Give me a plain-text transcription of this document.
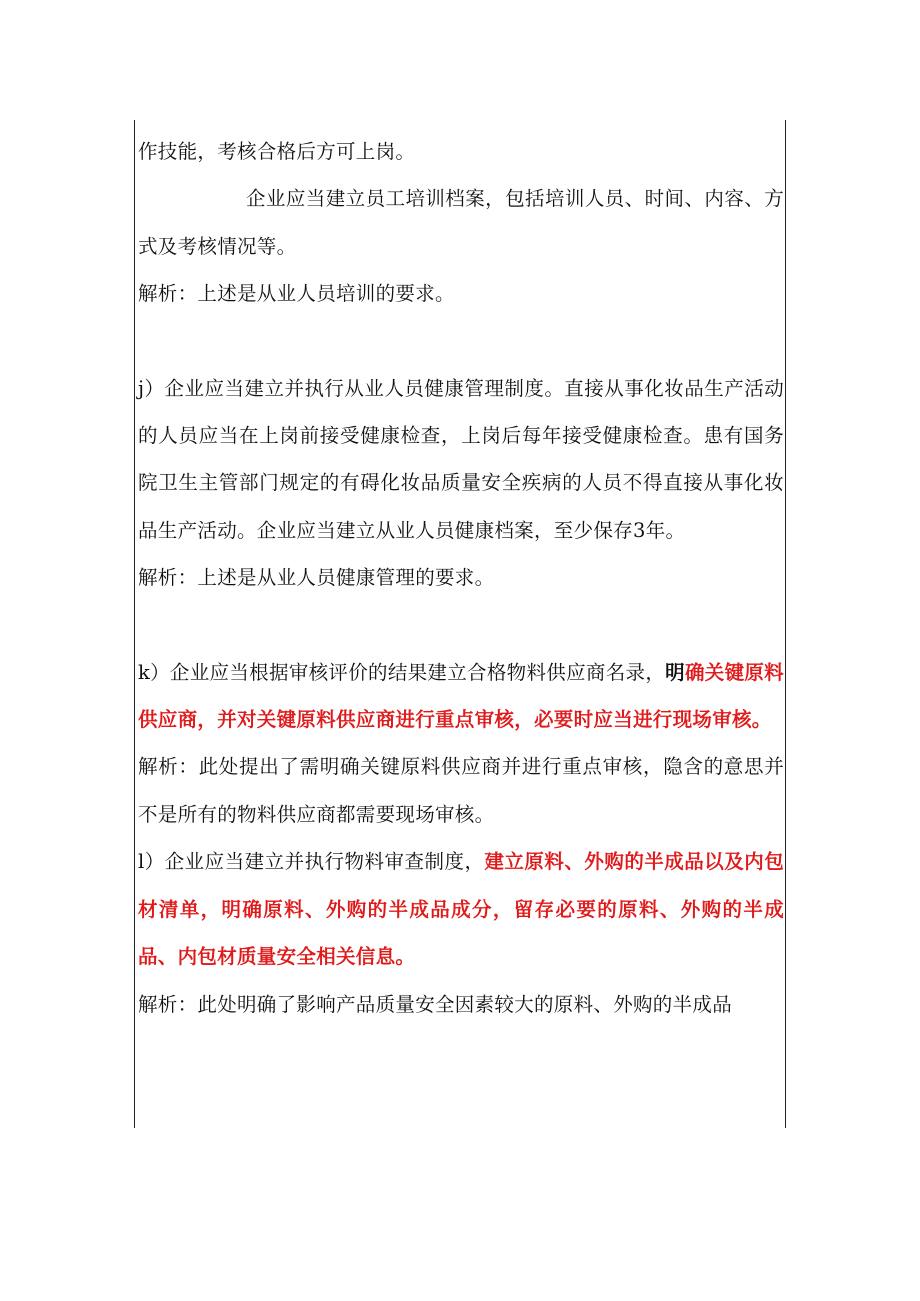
作技能，考核合格后方可上岗。

企业应当建立员工培训档案，包括培训人员、时间、内容、方式及考核情况等。

解析：上述是从业人员培训的要求。

j）企业应当建立并执行从业人员健康管理制度。直接从事化妆品生产活动的人员应当在上岗前接受健康检查，上岗后每年接受健康检查。患有国务院卫生主管部门规定的有碍化妆品质量安全疾病的人员不得直接从事化妆品生产活动。企业应当建立从业人员健康档案，至少保存3年。

解析：上述是从业人员健康管理的要求。

k）企业应当根据审核评价的结果建立合格物料供应商名录，明确关键原料供应商，并对关键原料供应商进行重点审核，必要时应当进行现场审核。

解析：此处提出了需明确关键原料供应商并进行重点审核，隐含的意思并不是所有的物料供应商都需要现场审核。

l）企业应当建立并执行物料审查制度，建立原料、外购的半成品以及内包材清单，明确原料、外购的半成品成分，留存必要的原料、外购的半成品、内包材质量安全相关信息。

解析：此处明确了影响产品质量安全因素较大的原料、外购的半成品
